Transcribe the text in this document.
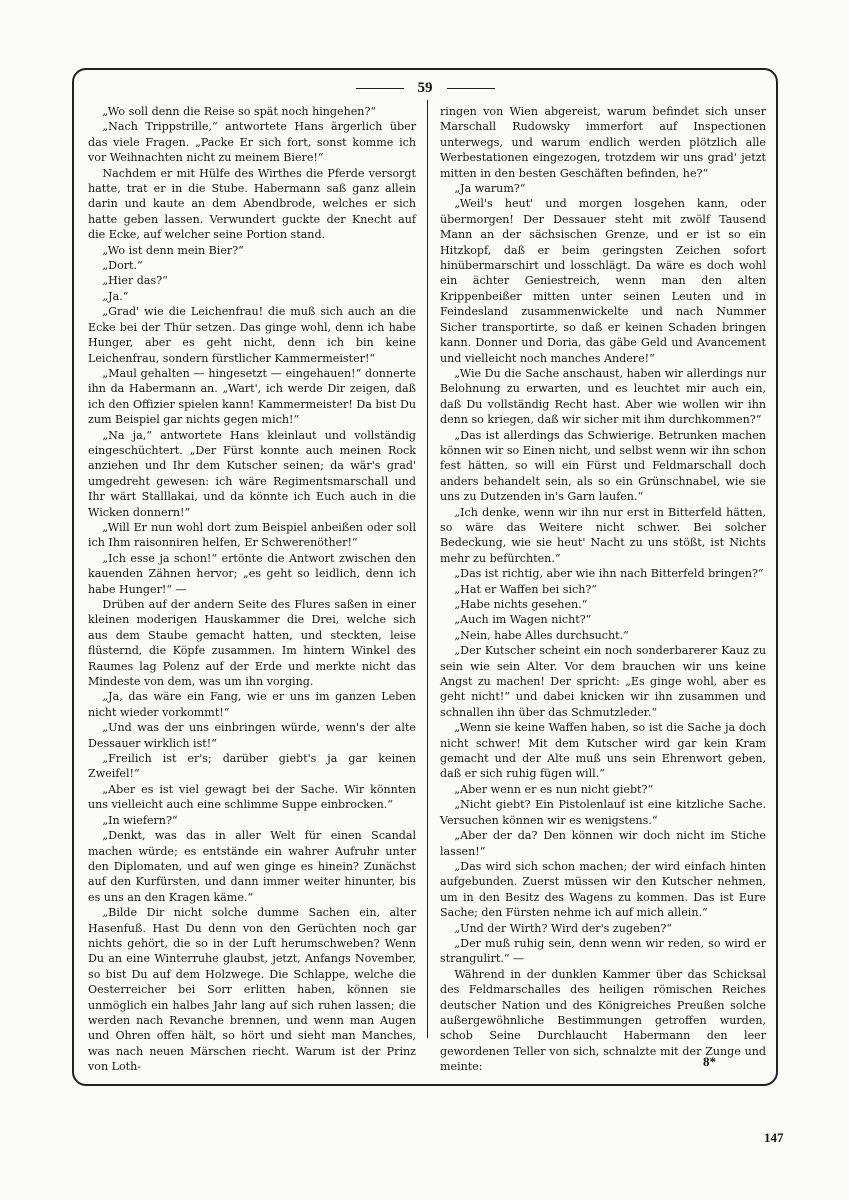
59

„Wo soll denn die Reise so spät noch hingehen?“

„Nach Trippstrille,“ antwortete Hans ärgerlich über das viele Fragen. „Packe Er sich fort, sonst komme ich vor Weihnachten nicht zu meinem Biere!“

Nachdem er mit Hülfe des Wirthes die Pferde versorgt hatte, trat er in die Stube. Habermann saß ganz allein darin und kaute an dem Abendbrode, welches er sich hatte geben lassen. Verwundert guckte der Knecht auf die Ecke, auf welcher seine Portion stand.

„Wo ist denn mein Bier?“

„Dort.“

„Hier das?“

„Ja.“

„Grad' wie die Leichenfrau! die muß sich auch an die Ecke bei der Thür setzen. Das ginge wohl, denn ich habe Hunger, aber es geht nicht, denn ich bin keine Leichenfrau, sondern fürstlicher Kammermeister!“

„Maul gehalten — hingesetzt — eingehauen!“ donnerte ihn da Habermann an. „Wart', ich werde Dir zeigen, daß ich den Offizier spielen kann! Kammermeister! Da bist Du zum Beispiel gar nichts gegen mich!“

„Na ja,“ antwortete Hans kleinlaut und vollständig eingeschüchtert. „Der Fürst konnte auch meinen Rock anziehen und Ihr dem Kutscher seinen; da wär's grad' umgedreht gewesen: ich wäre Regimentsmarschall und Ihr wärt Stalllakai, und da könnte ich Euch auch in die Wicken donnern!“

„Will Er nun wohl dort zum Beispiel anbeißen oder soll ich Ihm raisonniren helfen, Er Schwerenöther!“

„Ich esse ja schon!“ ertönte die Antwort zwischen den kauenden Zähnen hervor; „es geht so leidlich, denn ich habe Hunger!“ —

Drüben auf der andern Seite des Flures saßen in einer kleinen moderigen Hauskammer die Drei, welche sich aus dem Staube gemacht hatten, und steckten, leise flüsternd, die Köpfe zusammen. Im hintern Winkel des Raumes lag Polenz auf der Erde und merkte nicht das Mindeste von dem, was um ihn vorging.

„Ja, das wäre ein Fang, wie er uns im ganzen Leben nicht wieder vorkommt!“

„Und was der uns einbringen würde, wenn's der alte Dessauer wirklich ist!“

„Freilich ist er's; darüber giebt's ja gar keinen Zweifel!“

„Aber es ist viel gewagt bei der Sache. Wir könnten uns vielleicht auch eine schlimme Suppe einbrocken.“

„In wiefern?“

„Denkt, was das in aller Welt für einen Scandal machen würde; es entstände ein wahrer Aufruhr unter den Diplomaten, und auf wen ginge es hinein? Zunächst auf den Kurfürsten, und dann immer weiter hinunter, bis es uns an den Kragen käme.“

„Bilde Dir nicht solche dumme Sachen ein, alter Hasenfuß. Hast Du denn von den Gerüchten noch gar nichts gehört, die so in der Luft herumschweben? Wenn Du an eine Winterruhe glaubst, jetzt, Anfangs November, so bist Du auf dem Holzwege. Die Schlappe, welche die Oesterreicher bei Sorr erlitten haben, können sie unmöglich ein halbes Jahr lang auf sich ruhen lassen; die werden nach Revanche brennen, und wenn man Augen und Ohren offen hält, so hört und sieht man Manches, was nach neuen Märschen riecht. Warum ist der Prinz von Loth-

ringen von Wien abgereist, warum befindet sich unser Marschall Rudowsky immerfort auf Inspectionen unterwegs, und warum endlich werden plötzlich alle Werbestationen eingezogen, trotzdem wir uns grad' jetzt mitten in den besten Geschäften befinden, he?“

„Ja warum?“

„Weil's heut' und morgen losgehen kann, oder übermorgen! Der Dessauer steht mit zwölf Tausend Mann an der sächsischen Grenze, und er ist so ein Hitzkopf, daß er beim geringsten Zeichen sofort hinübermarschirt und losschlägt. Da wäre es doch wohl ein ächter Geniestreich, wenn man den alten Krippenbeißer mitten unter seinen Leuten und in Feindesland zusammenwickelte und nach Nummer Sicher transportirte, so daß er keinen Schaden bringen kann. Donner und Doria, das gäbe Geld und Avancement und vielleicht noch manches Andere!“

„Wie Du die Sache anschaust, haben wir allerdings nur Belohnung zu erwarten, und es leuchtet mir auch ein, daß Du vollständig Recht hast. Aber wie wollen wir ihn denn so kriegen, daß wir sicher mit ihm durchkommen?“

„Das ist allerdings das Schwierige. Betrunken machen können wir so Einen nicht, und selbst wenn wir ihn schon fest hätten, so will ein Fürst und Feldmarschall doch anders behandelt sein, als so ein Grünschnabel, wie sie uns zu Dutzenden in's Garn laufen.“

„Ich denke, wenn wir ihn nur erst in Bitterfeld hätten, so wäre das Weitere nicht schwer. Bei solcher Bedeckung, wie sie heut' Nacht zu uns stößt, ist Nichts mehr zu befürchten.“

„Das ist richtig, aber wie ihn nach Bitterfeld bringen?“

„Hat er Waffen bei sich?“

„Habe nichts gesehen.“

„Auch im Wagen nicht?“

„Nein, habe Alles durchsucht.“

„Der Kutscher scheint ein noch sonderbarerer Kauz zu sein wie sein Alter. Vor dem brauchen wir uns keine Angst zu machen! Der spricht: „Es ginge wohl, aber es geht nicht!“ und dabei knicken wir ihn zusammen und schnallen ihn über das Schmutzleder.“

„Wenn sie keine Waffen haben, so ist die Sache ja doch nicht schwer! Mit dem Kutscher wird gar kein Kram gemacht und der Alte muß uns sein Ehrenwort geben, daß er sich ruhig fügen will.“

„Aber wenn er es nun nicht giebt?“

„Nicht giebt? Ein Pistolenlauf ist eine kitzliche Sache. Versuchen können wir es wenigstens.“

„Aber der da? Den können wir doch nicht im Stiche lassen!“

„Das wird sich schon machen; der wird einfach hinten aufgebunden. Zuerst müssen wir den Kutscher nehmen, um in den Besitz des Wagens zu kommen. Das ist Eure Sache; den Fürsten nehme ich auf mich allein.“

„Und der Wirth? Wird der's zugeben?“

„Der muß ruhig sein, denn wenn wir reden, so wird er strangulirt.“ —

Während in der dunklen Kammer über das Schicksal des Feldmarschalles des heiligen römischen Reiches deutscher Nation und des Königreiches Preußen solche außergewöhnliche Bestimmungen getroffen wurden, schob Seine Durchlaucht Habermann den leer gewordenen Teller von sich, schnalzte mit der Zunge und meinte:	8*
147
